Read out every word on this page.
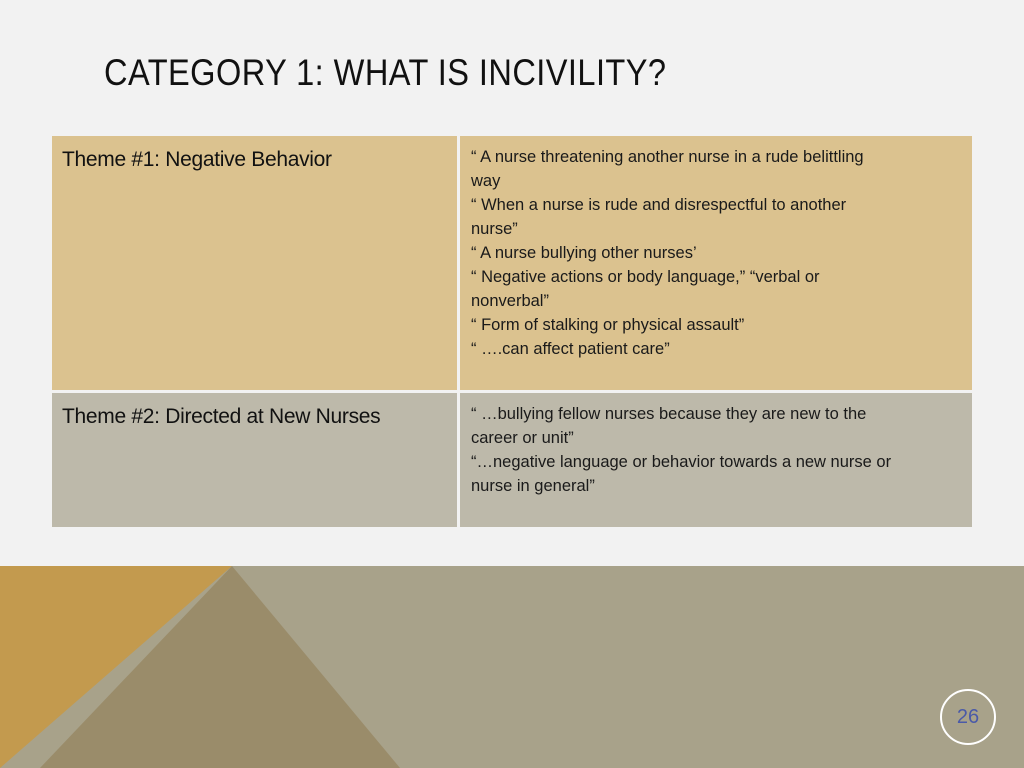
CATEGORY 1: WHAT IS INCIVILITY?
Theme #1: Negative Behavior	“ A nurse threatening another nurse in a rude belittling
way
“ When a nurse is rude and disrespectful to another
nurse”
“ A nurse bullying other nurses’
“ Negative actions or body language,” “verbal or
nonverbal”
“ Form of stalking or physical assault”
“ ….can affect patient care”
Theme #2: Directed at New Nurses	“ …bullying fellow nurses because they are new to the
career or unit”
“…negative language or behavior towards a new nurse or
nurse in general”
26
